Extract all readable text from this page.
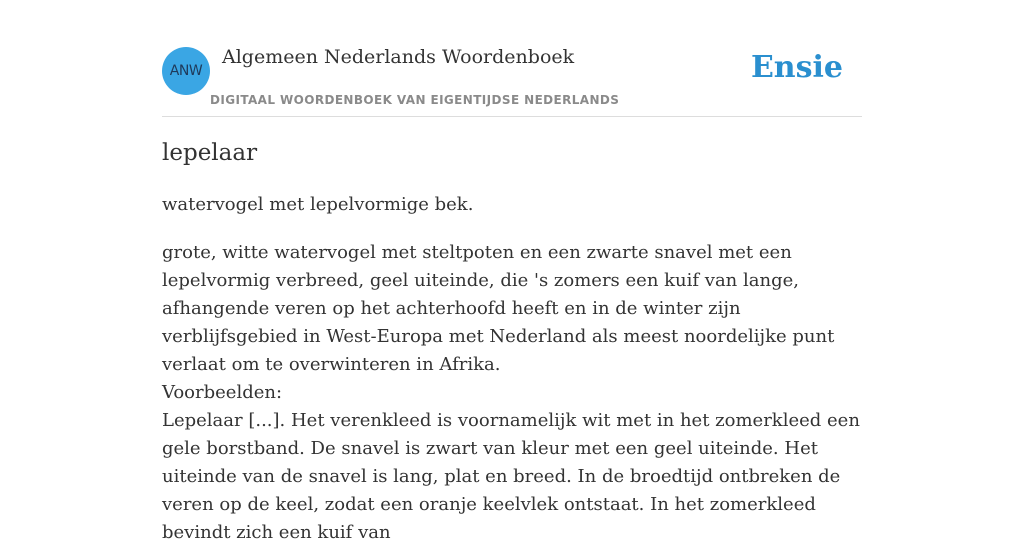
ANW
Algemeen Nederlands Woordenboek
DIGITAAL WOORDENBOEK VAN EIGENTIJDSE NEDERLANDS
Ensie
lepelaar
watervogel met lepelvormige bek.
grote, witte watervogel met steltpoten en een zwarte snavel met een lepelvormig verbreed, geel uiteinde, die 's zomers een kuif van lange, afhangende veren op het achterhoofd heeft en in de winter zijn verblijfsgebied in West-Europa met Nederland als meest noordelijke punt verlaat om te overwinteren in Afrika.
Voorbeelden:
Lepelaar [...]. Het verenkleed is voornamelijk wit met in het zomerkleed een gele borstband. De snavel is zwart van kleur met een geel uiteinde. Het uiteinde van de snavel is lang, plat en breed. In de broedtijd ontbreken de veren op de keel, zodat een oranje keelvlek ontstaat. In het zomerkleed bevindt zich een kuif van
